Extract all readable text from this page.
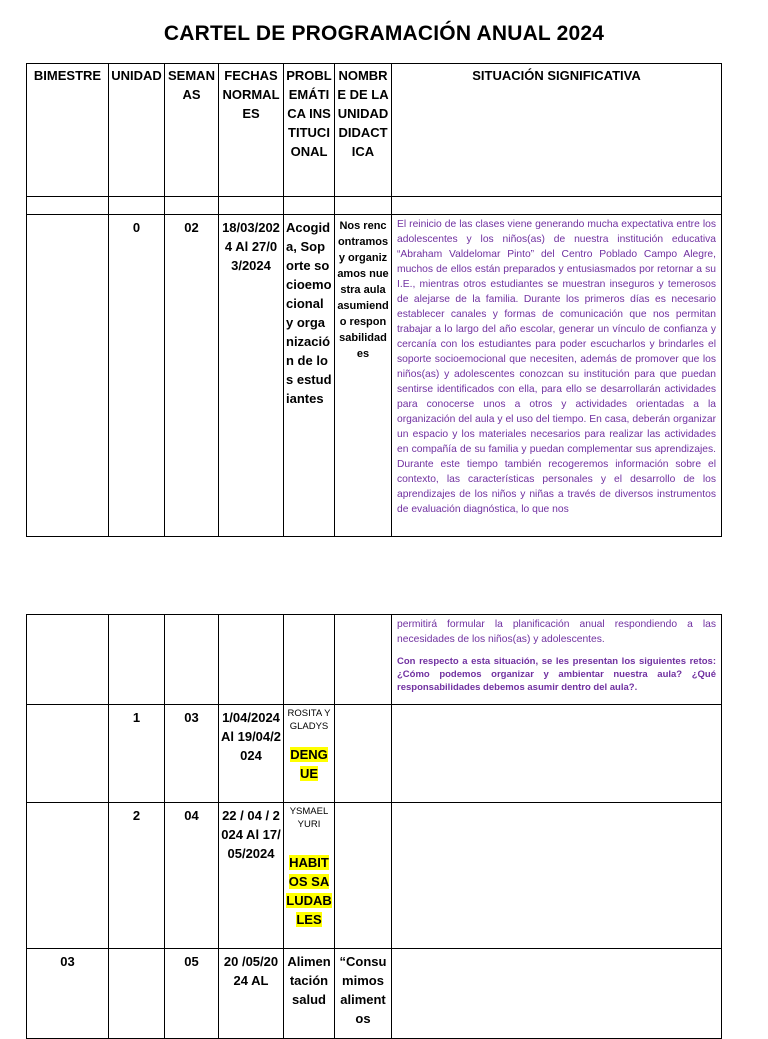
CARTEL DE PROGRAMACIÓN ANUAL 2024
BIMESTRE	UNIDAD	SEMANAS	FECHAS NORMALES	PROBLEMÁTICA INSTITUCIONAL	NOMBRE DE LA UNIDAD DIDACTICA	SITUACIÓN SIGNIFICATIVA

	0	02	18/03/2024 Al 27/03/2024	Acogida, Soporte socioemocional y organización de los estudiantes	Nos rencontramos y organizamos nuestra aula asumiendo responsabilidades	El reinicio de las clases viene generando mucha expectativa entre los adolescentes y los niños(as) de nuestra institución educativa “Abraham Valdelomar Pinto” del Centro Poblado Campo Alegre, muchos de ellos están preparados y entusiasmados por retornar a su I.E., mientras otros estudiantes se muestran inseguros y temerosos de alejarse de la familia. Durante los primeros días es necesario establecer canales y formas de comunicación que nos permitan trabajar a lo largo del año escolar, generar un vínculo de confianza y cercanía con los estudiantes para poder escucharlos y brindarles el soporte socioemocional que necesiten, además de promover que los niños(as) y adolescentes conozcan su institución para que puedan sentirse identificados con ella, para ello se desarrollarán actividades para conocerse unos a otros y actividades orientadas a la organización del aula y el uso del tiempo. En casa, deberán organizar un espacio y los materiales necesarios para realizar las actividades en compañía de su familia y puedan complementar sus aprendizajes. Durante este tiempo también recogeremos información sobre el contexto, las características personales y el desarrollo de los aprendizajes de los niños y niñas a través de diversos instrumentos de evaluación diagnóstica, lo que nos

						permitirá formular la planificación anual respondiendo a las necesidades de los niños(as) y adolescentes.

Con respecto a esta situación, se les presentan los siguientes retos: ¿Cómo podemos organizar y ambientar nuestra aula? ¿Qué responsabilidades debemos asumir dentro del aula?.

	1	03	1/04/2024 Al 19/04/2024	ROSITA Y GLADYS
DENGUE		

	2	04	22 / 04 / 2024 Al 17/05/2024	YSMAEL YURI
HABITOS SALUDABLES		

03		05	20 /05/2024 AL	Alimentación salud	“Consumimos alimentos	
